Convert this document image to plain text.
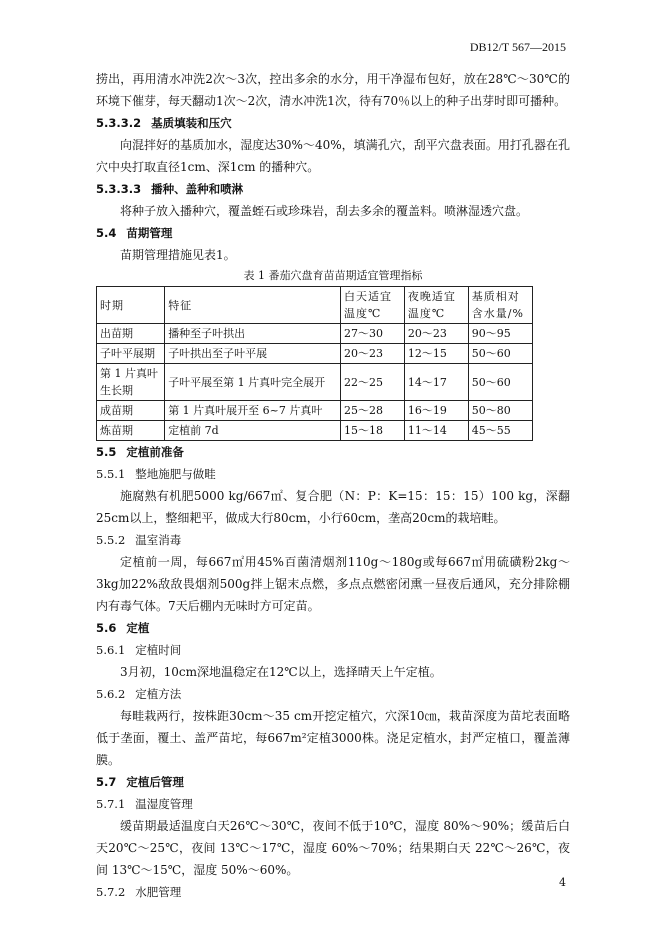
DB12/T 567—2015

捞出，再用清水冲洗2次～3次，控出多余的水分，用干净湿布包好，放在28℃～30℃的环境下催芽，每天翻动1次～2次，清水冲洗1次，待有70％以上的种子出芽时即可播种。

5.3.3.2 基质填装和压穴

向混拌好的基质加水，湿度达30%～40%，填满孔穴，刮平穴盘表面。用打孔器在孔穴中央打取直径1cm、深1cm 的播种穴。

5.3.3.3 播种、盖种和喷淋

将种子放入播种穴，覆盖蛭石或珍珠岩，刮去多余的覆盖料。喷淋湿透穴盘。

5.4 苗期管理

苗期管理措施见表1。

表 1 番茄穴盘育苗苗期适宜管理指标

时期	特征	白天适宜温度℃	夜晚适宜温度℃	基质相对含水量/%
出苗期	播种至子叶拱出	27～30	20～23	90～95
子叶平展期	子叶拱出至子叶平展	20～23	12～15	50～60
第 1 片真叶生长期	子叶平展至第 1 片真叶完全展开	22～25	14～17	50～60
成苗期	第 1 片真叶展开至 6~7 片真叶	25～28	16～19	50～80
炼苗期	定植前 7d	15～18	11～14	45～55

5.5 定植前准备

5.5.1 整地施肥与做畦

施腐熟有机肥5000 kg/667㎡、复合肥（N：P：K=15：15：15）100 kg，深翻25cm以上，整细耙平，做成大行80cm，小行60cm，垄高20cm的栽培畦。

5.5.2 温室消毒

定植前一周，每667㎡用45%百菌清烟剂110g～180g或每667㎡用硫磺粉2kg～3kg加22%敌敌畏烟剂500g拌上锯末点燃，多点点燃密闭熏一昼夜后通风，充分排除棚内有毒气体。7天后棚内无味时方可定苗。

5.6 定植

5.6.1 定植时间

3月初，10cm深地温稳定在12℃以上，选择晴天上午定植。

5.6.2 定植方法

每畦栽两行，按株距30cm～35 cm开挖定植穴，穴深10㎝，栽苗深度为苗坨表面略低于垄面，覆土、盖严苗坨，每667m²定植3000株。浇足定植水，封严定植口，覆盖薄膜。

5.7 定植后管理

5.7.1 温湿度管理

缓苗期最适温度白天26℃～30℃，夜间不低于10℃，湿度 80%～90%；缓苗后白天20℃～25℃，夜间 13℃～17℃，湿度 60%～70%；结果期白天 22℃～26℃，夜间 13℃～15℃，湿度 50%～60%。

5.7.2 水肥管理

4
